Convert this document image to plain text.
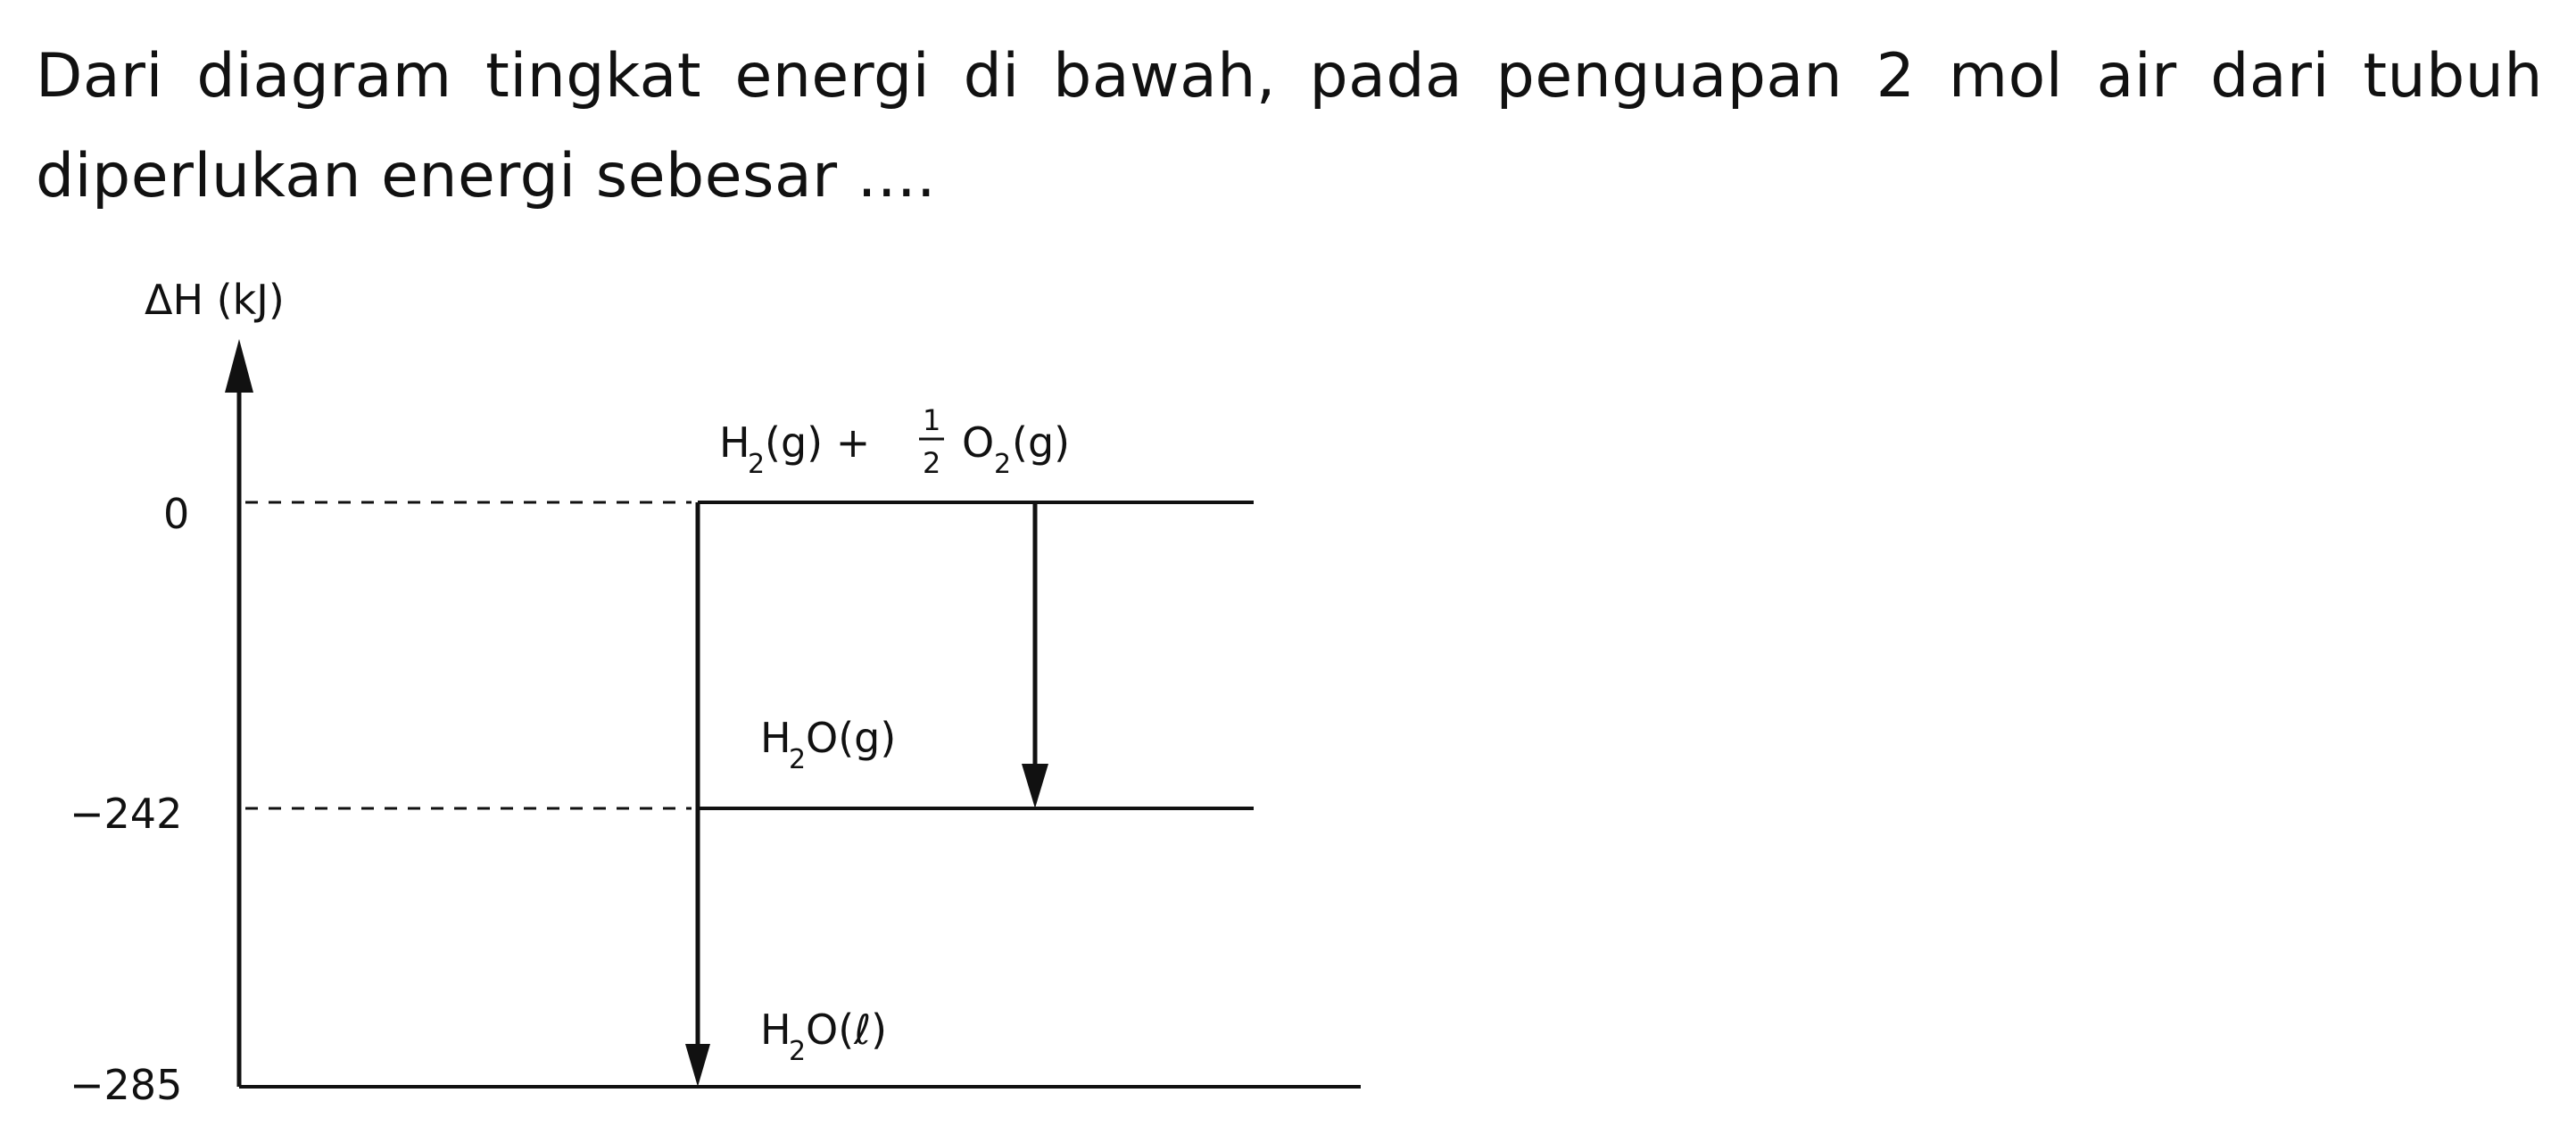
Dari diagram tingkat energi di bawah, pada penguapan 2 mol air dari tubuh diperlukan energi sebesar ....

ΔH (kJ)
0
−242
−285
H
2 (g) + 1
2 O 2 (g)
H
2 O(g)
H
2 O(ℓ)
